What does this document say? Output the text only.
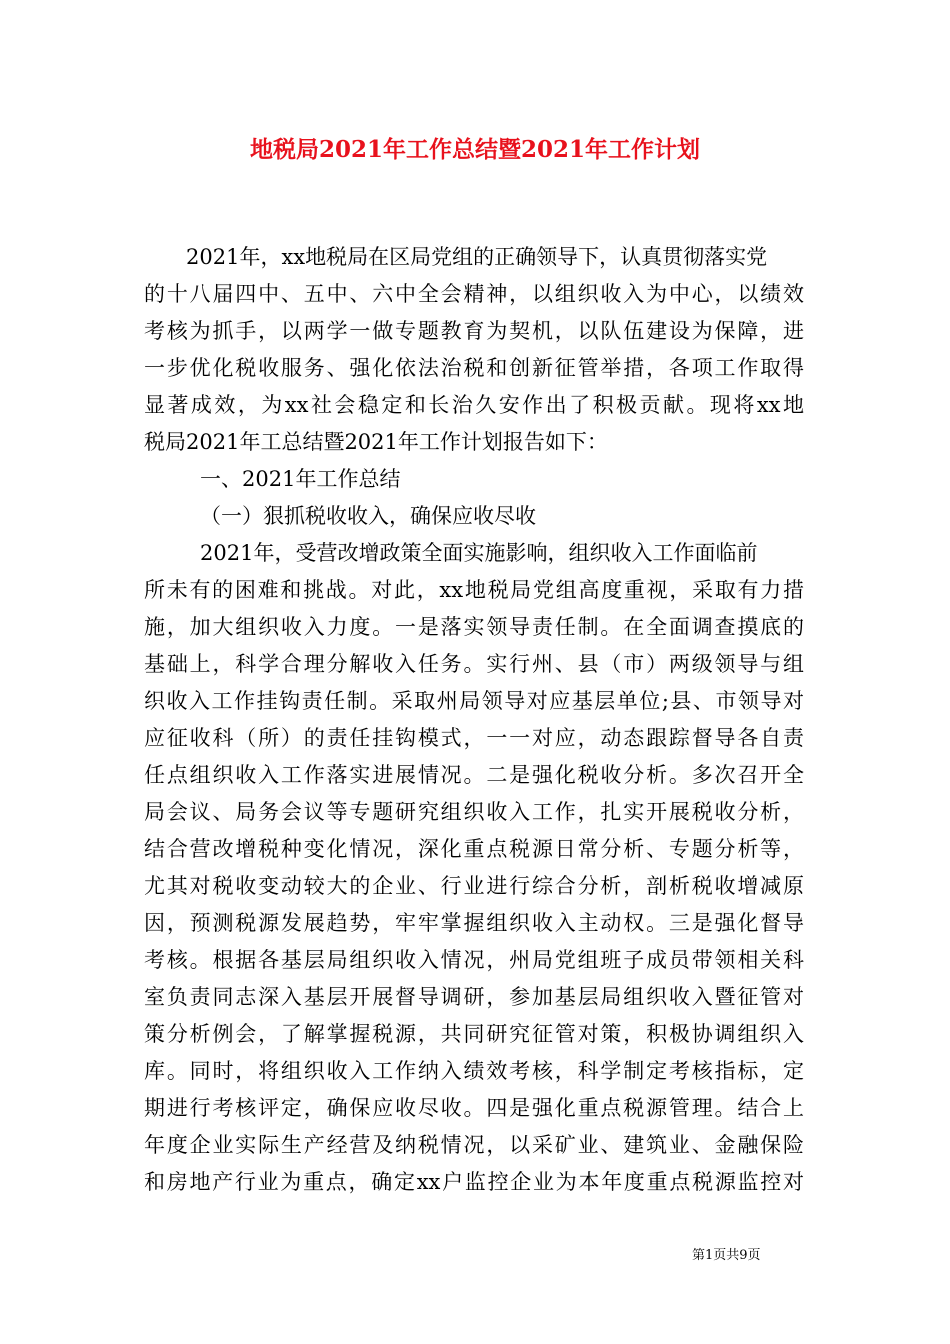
地税局2021年工作总结暨2021年工作计划
2021年，xx地税局在区局党组的正确领导下，认真贯彻落实党
的十八届四中、五中、六中全会精神，以组织收入为中心，以绩效
考核为抓手，以两学一做专题教育为契机，以队伍建设为保障，进
一步优化税收服务、强化依法治税和创新征管举措，各项工作取得
显著成效，为xx社会稳定和长治久安作出了积极贡献。现将xx地
税局2021年工总结暨2021年工作计划报告如下：
一、2021年工作总结
（一）狠抓税收收入，确保应收尽收
2021年，受营改增政策全面实施影响，组织收入工作面临前
所未有的困难和挑战。对此，xx地税局党组高度重视，采取有力措
施，加大组织收入力度。一是落实领导责任制。在全面调查摸底的
基础上，科学合理分解收入任务。实行州、县（市）两级领导与组
织收入工作挂钩责任制。采取州局领导对应基层单位;县、市领导对
应征收科（所）的责任挂钩模式，一一对应，动态跟踪督导各自责
任点组织收入工作落实进展情况。二是强化税收分析。多次召开全
局会议、局务会议等专题研究组织收入工作，扎实开展税收分析，
结合营改增税种变化情况，深化重点税源日常分析、专题分析等，
尤其对税收变动较大的企业、行业进行综合分析，剖析税收增减原
因，预测税源发展趋势，牢牢掌握组织收入主动权。三是强化督导
考核。根据各基层局组织收入情况，州局党组班子成员带领相关科
室负责同志深入基层开展督导调研，参加基层局组织收入暨征管对
策分析例会，了解掌握税源，共同研究征管对策，积极协调组织入
库。同时，将组织收入工作纳入绩效考核，科学制定考核指标，定
期进行考核评定，确保应收尽收。四是强化重点税源管理。结合上
年度企业实际生产经营及纳税情况，以采矿业、建筑业、金融保险
和房地产行业为重点，确定xx户监控企业为本年度重点税源监控对
第1页共9页
